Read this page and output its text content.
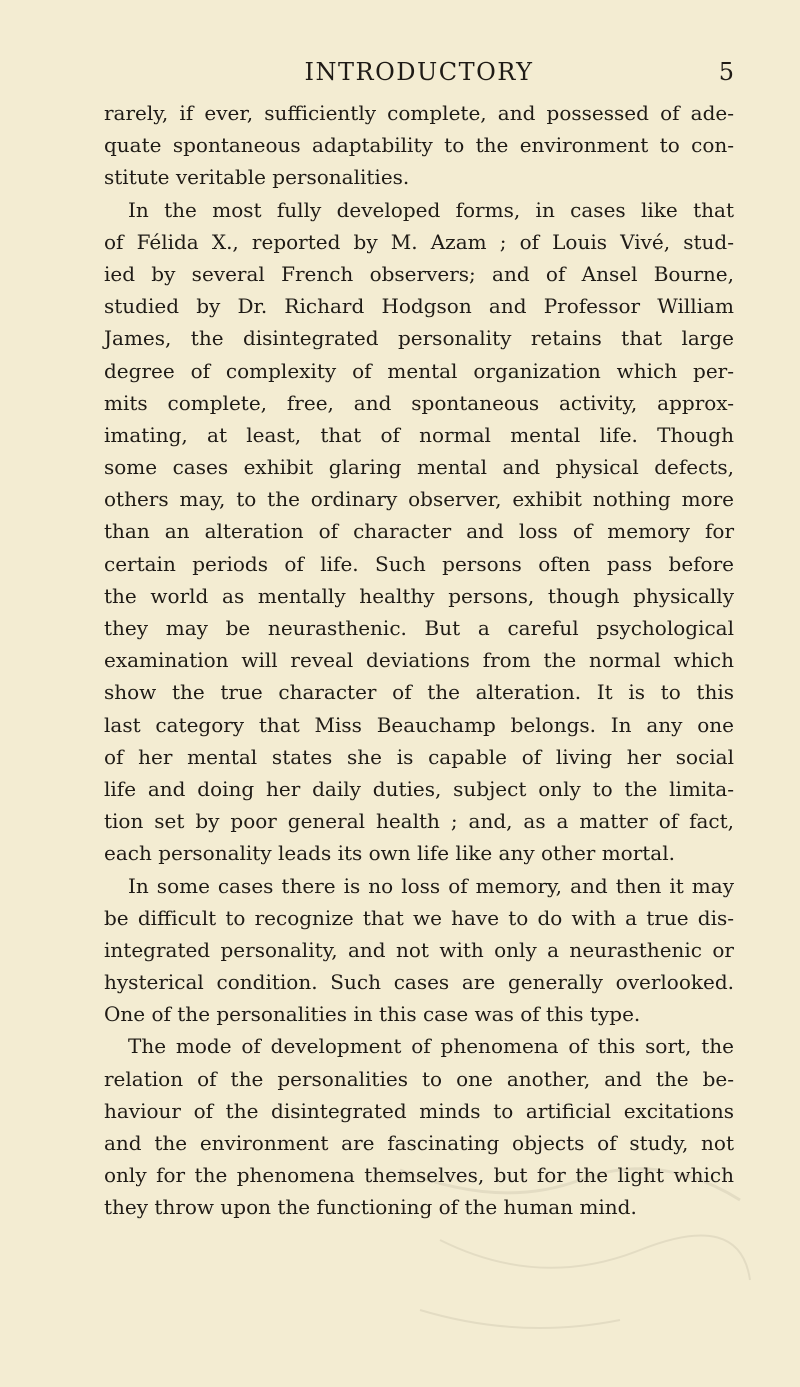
INTRODUCTORY	5
rarely, if ever, sufficiently complete, and possessed of ade-
quate spontaneous adaptability to the environment to con-
stitute veritable personalities.
In the most fully developed forms, in cases like that
of Félida X., reported by M. Azam ; of Louis Vivé, stud-
ied by several French observers; and of Ansel Bourne,
studied by Dr. Richard Hodgson and Professor William
James, the disintegrated personality retains that large
degree of complexity of mental organization which per-
mits complete, free, and spontaneous activity, approx-
imating, at least, that of normal mental life. Though
some cases exhibit glaring mental and physical defects,
others may, to the ordinary observer, exhibit nothing more
than an alteration of character and loss of memory for
certain periods of life. Such persons often pass before
the world as mentally healthy persons, though physically
they may be neurasthenic. But a careful psychological
examination will reveal deviations from the normal which
show the true character of the alteration. It is to this
last category that Miss Beauchamp belongs. In any one
of her mental states she is capable of living her social
life and doing her daily duties, subject only to the limita-
tion set by poor general health ; and, as a matter of fact,
each personality leads its own life like any other mortal.
In some cases there is no loss of memory, and then it may
be difficult to recognize that we have to do with a true dis-
integrated personality, and not with only a neurasthenic or
hysterical condition. Such cases are generally overlooked.
One of the personalities in this case was of this type.
The mode of development of phenomena of this sort, the
relation of the personalities to one another, and the be-
haviour of the disintegrated minds to artificial excitations
and the environment are fascinating objects of study, not
only for the phenomena themselves, but for the light which
they throw upon the functioning of the human mind.
